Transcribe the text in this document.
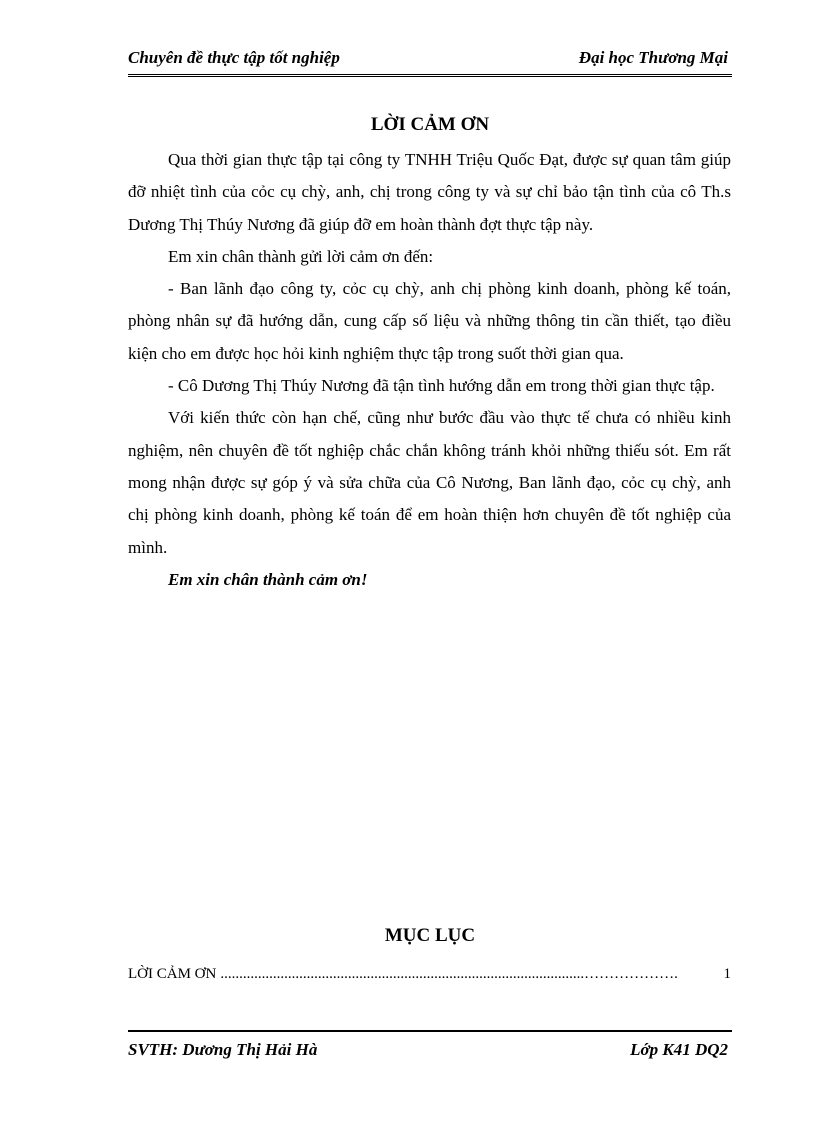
Chuyên đề thực tập tốt nghiệp	Đại học Thương Mại
LỜI CẢM ƠN

Qua thời gian thực tập tại công ty TNHH Triệu Quốc Đạt, được sự quan tâm giúp đỡ nhiệt tình của cỏc cụ chỳ, anh, chị trong công ty và sự chỉ bảo tận tình của cô Th.s Dương Thị Thúy Nương đã giúp đỡ em hoàn thành đợt thực tập này.

Em xin chân thành gửi lời cảm ơn đến:

- Ban lãnh đạo công ty, cỏc cụ chỳ, anh chị phòng kinh doanh, phòng kế toán, phòng nhân sự đã hướng dẫn, cung cấp số liệu và những thông tin cần thiết, tạo điều kiện cho em được học hỏi kinh nghiệm thực tập trong suốt thời gian qua.

- Cô Dương Thị Thúy Nương đã tận tình hướng dẫn em trong thời gian thực tập.

Với kiến thức còn hạn chế, cũng như bước đầu vào thực tế chưa có nhiều kinh nghiệm, nên chuyên đề tốt nghiệp chắc chắn không tránh khỏi những thiếu sót. Em rất mong nhận được sự góp ý và sửa chữa của Cô Nương, Ban lãnh đạo, cỏc cụ chỳ, anh chị phòng kinh doanh, phòng kế toán để em hoàn thiện hơn chuyên đề tốt nghiệp của mình.

Em xin chân thành cảm ơn!

MỤC LỤC
LỜI CẢM ƠN .................................................................................................……………….	1
SVTH: Dương Thị Hải Hà	Lớp K41 DQ2
